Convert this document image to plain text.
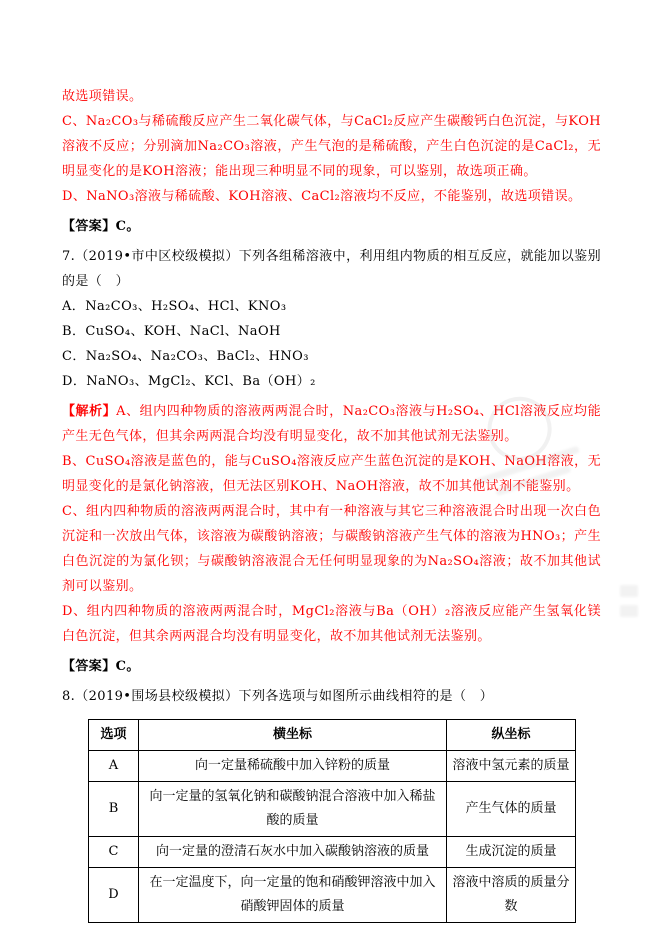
故选项错误。

C、Na₂CO₃与稀硫酸反应产生二氧化碳气体，与CaCl₂反应产生碳酸钙白色沉淀，与KOH溶液不反应；分别滴加Na₂CO₃溶液，产生气泡的是稀硫酸，产生白色沉淀的是CaCl₂，无明显变化的是KOH溶液；能出现三种明显不同的现象，可以鉴别，故选项正确。

D、NaNO₃溶液与稀硫酸、KOH溶液、CaCl₂溶液均不反应，不能鉴别，故选项错误。

【答案】C。

7.（2019•市中区校级模拟）下列各组稀溶液中，利用组内物质的相互反应，就能加以鉴别的是（　）

A．Na₂CO₃、H₂SO₄、HCl、KNO₃

B．CuSO₄、KOH、NaCl、NaOH

C．Na₂SO₄、Na₂CO₃、BaCl₂、HNO₃

D．NaNO₃、MgCl₂、KCl、Ba（OH）₂

【解析】A、组内四种物质的溶液两两混合时，Na₂CO₃溶液与H₂SO₄、HCl溶液反应均能产生无色气体，但其余两两混合均没有明显变化，故不加其他试剂无法鉴别。

B、CuSO₄溶液是蓝色的，能与CuSO₄溶液反应产生蓝色沉淀的是KOH、NaOH溶液，无明显变化的是氯化钠溶液，但无法区别KOH、NaOH溶液，故不加其他试剂不能鉴别。

C、组内四种物质的溶液两两混合时，其中有一种溶液与其它三种溶液混合时出现一次白色沉淀和一次放出气体，该溶液为碳酸钠溶液；与碳酸钠溶液产生气体的溶液为HNO₃；产生白色沉淀的为氯化钡；与碳酸钠溶液混合无任何明显现象的为Na₂SO₄溶液；故不加其他试剂可以鉴别。

D、组内四种物质的溶液两两混合时，MgCl₂溶液与Ba（OH）₂溶液反应能产生氢氧化镁白色沉淀，但其余两两混合均没有明显变化，故不加其他试剂无法鉴别。

【答案】C。

8.（2019•围场县校级模拟）下列各选项与如图所示曲线相符的是（　）

选项	横坐标	纵坐标
A	向一定量稀硫酸中加入锌粉的质量	溶液中氢元素的质量
B	向一定量的氢氧化钠和碳酸钠混合溶液中加入稀盐酸的质量	产生气体的质量
C	向一定量的澄清石灰水中加入碳酸钠溶液的质量	生成沉淀的质量
D	在一定温度下，向一定量的饱和硝酸钾溶液中加入硝酸钾固体的质量	溶液中溶质的质量分数
